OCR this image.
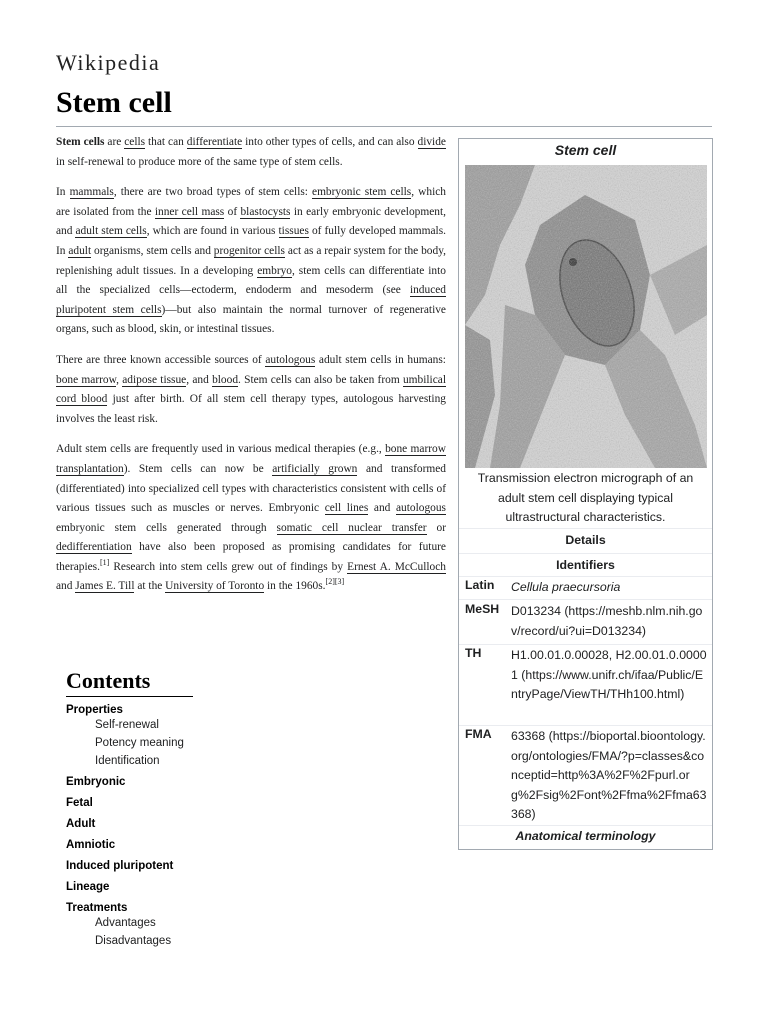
Wikipedia
Stem cell

Stem cells are cells that can differentiate into other types of cells, and can also divide in self-renewal to produce more of the same type of stem cells.

In mammals, there are two broad types of stem cells: embryonic stem cells, which are isolated from the inner cell mass of blastocysts in early embryonic development, and adult stem cells, which are found in various tissues of fully developed mammals. In adult organisms, stem cells and progenitor cells act as a repair system for the body, replenishing adult tissues. In a developing embryo, stem cells can differentiate into all the specialized cells—ectoderm, endoderm and mesoderm (see induced pluripotent stem cells)—but also maintain the normal turnover of regenerative organs, such as blood, skin, or intestinal tissues.

There are three known accessible sources of autologous adult stem cells in humans: bone marrow, adipose tissue, and blood. Stem cells can also be taken from umbilical cord blood just after birth. Of all stem cell therapy types, autologous harvesting involves the least risk.

Adult stem cells are frequently used in various medical therapies (e.g., bone marrow transplantation). Stem cells can now be artificially grown and transformed (differentiated) into specialized cell types with characteristics consistent with cells of various tissues such as muscles or nerves. Embryonic cell lines and autologous embryonic stem cells generated through somatic cell nuclear transfer or dedifferentiation have also been proposed as promising candidates for future therapies.[1] Research into stem cells grew out of findings by Ernest A. McCulloch and James E. Till at the University of Toronto in the 1960s.[2][3]

Contents
Properties
Self-renewal
Potency meaning
Identification
Embryonic
Fetal
Adult
Amniotic
Induced pluripotent
Lineage
Treatments
Advantages
Disadvantages
Stem cell
Transmission electron micrograph of an adult stem cell displaying typical ultrastructural characteristics.
Details
Identifiers
Latin Cellula praecursoria
MeSH D013234 (https://meshb.nlm.nih.gov/record/ui?ui=D013234)
TH H1.00.01.0.00028, H2.00.01.0.00001 (https://www.unifr.ch/ifaa/Public/EntryPage/ViewTH/THh100.html)
FMA 63368 (https://bioportal.bioontology.org/ontologies/FMA/?p=classes&conceptid=http%3A%2F%2Fpurl.org%2Fsig%2Font%2Ffma%2Ffma63368)
Anatomical terminology
